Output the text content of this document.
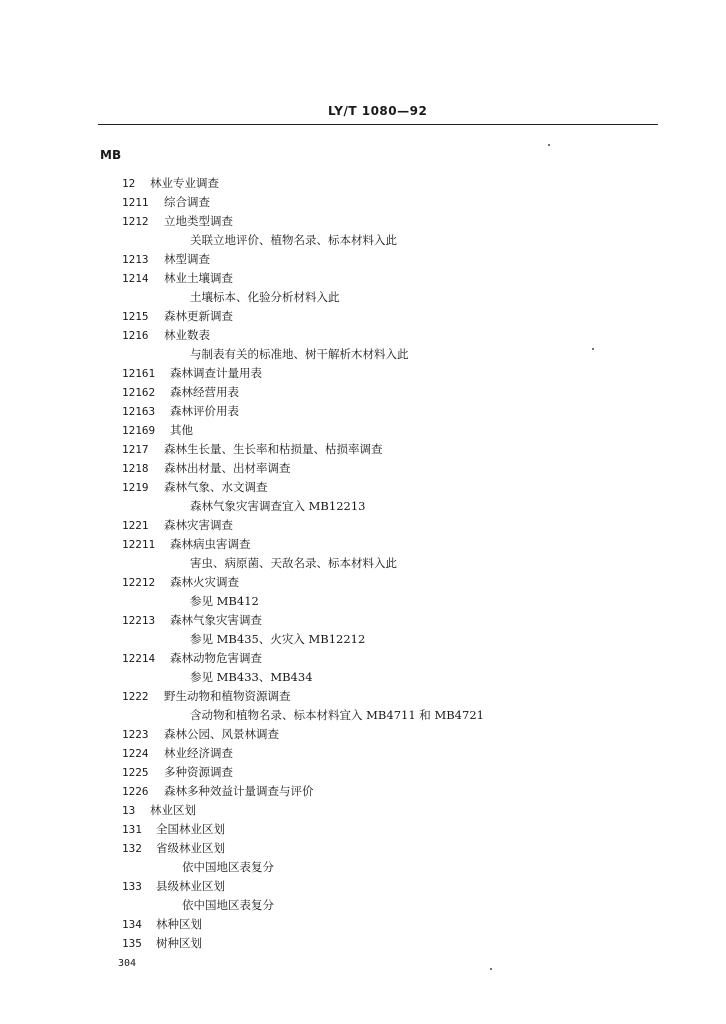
LY/T 1080—92
MB
12 林业专业调查
1211 综合调查
1212 立地类型调查
关联立地评价、植物名录、标本材料入此
1213 林型调查
1214 林业土壤调查
土壤标本、化验分析材料入此
1215 森林更新调查
1216 林业数表
与制表有关的标准地、树干解析木材料入此
12161 森林调查计量用表
12162 森林经营用表
12163 森林评价用表
12169 其他
1217 森林生长量、生长率和枯损量、枯损率调查
1218 森林出材量、出材率调查
1219 森林气象、水文调查
森林气象灾害调查宜入 MB12213
1221 森林灾害调查
12211 森林病虫害调查
害虫、病原菌、天敌名录、标本材料入此
12212 森林火灾调查
参见 MB412
12213 森林气象灾害调查
参见 MB435、火灾入 MB12212
12214 森林动物危害调查
参见 MB433、MB434
1222 野生动物和植物资源调查
含动物和植物名录、标本材料宜入 MB4711 和 MB4721
1223 森林公园、风景林调查
1224 林业经济调查
1225 多种资源调查
1226 森林多种效益计量调查与评价
13 林业区划
131 全国林业区划
132 省级林业区划
依中国地区表复分
133 县级林业区划
依中国地区表复分
134 林种区划
135 树种区划
304
